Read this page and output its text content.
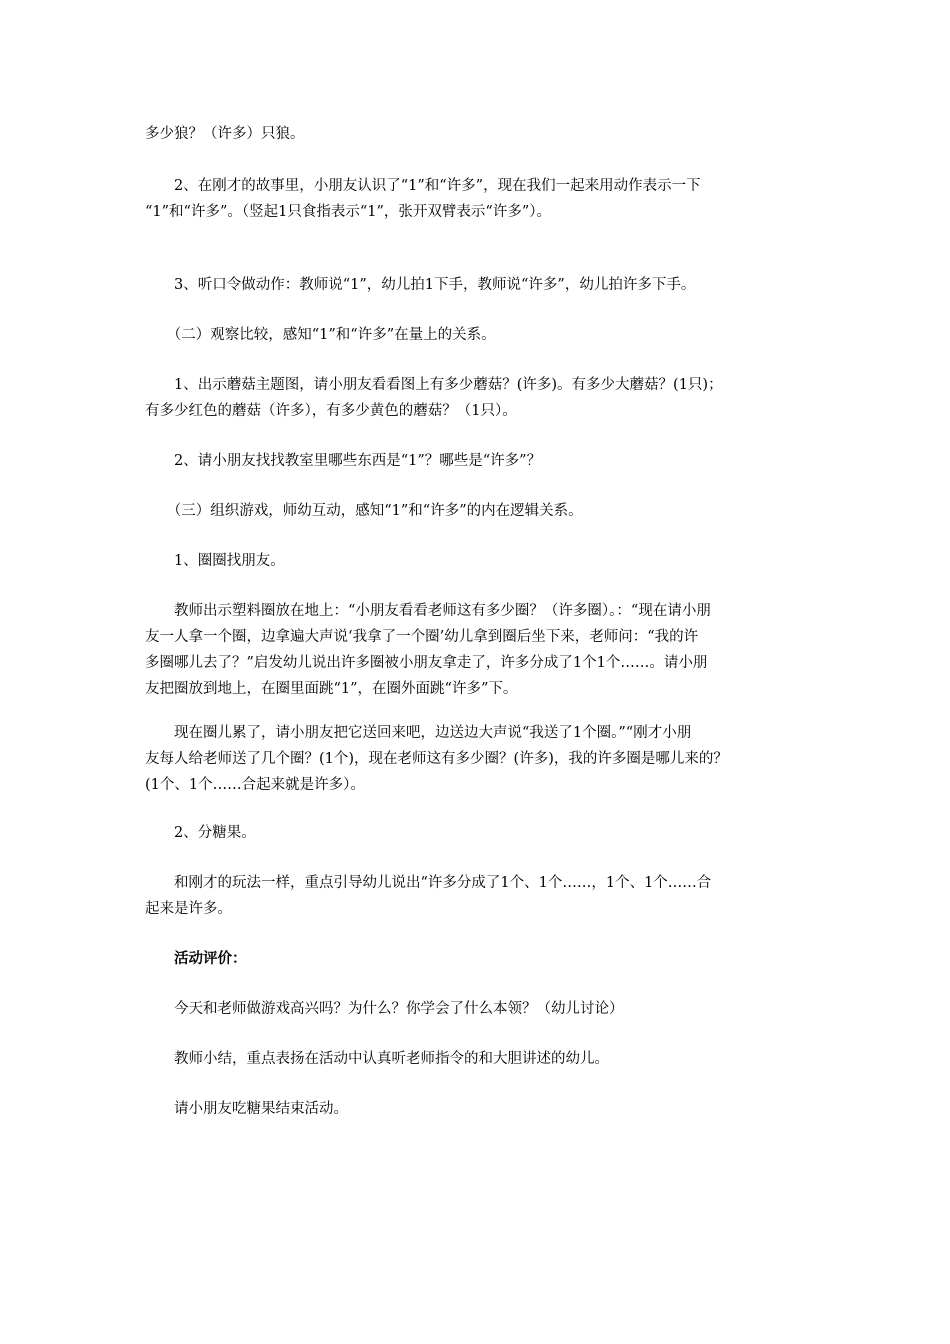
多少狼？（许多）只狼。

　　2、在刚才的故事里，小朋友认识了“1”和“许多”，现在我们一起来用动作表示一下
“1”和“许多”。（竖起1只食指表示“1”，张开双臂表示“许多”）。

　　3、听口令做动作：教师说“1”，幼儿拍1下手，教师说“许多”，幼儿拍许多下手。

　　（二）观察比较，感知“1”和“许多”在量上的关系。

　　1、出示蘑菇主题图，请小朋友看看图上有多少蘑菇？(许多)。有多少大蘑菇？(1只)；
有多少红色的蘑菇（许多），有多少黄色的蘑菇？（1只）。

　　2、请小朋友找找教室里哪些东西是“1”？哪些是“许多”？

　　（三）组织游戏，师幼互动，感知“1”和“许多”的内在逻辑关系。

　　1、圈圈找朋友。

　　教师出示塑料圈放在地上：“小朋友看看老师这有多少圈？（许多圈）。：“现在请小朋
友一人拿一个圈，边拿遍大声说‘我拿了一个圈’幼儿拿到圈后坐下来，老师问：“我的许
多圈哪儿去了？”启发幼儿说出许多圈被小朋友拿走了，许多分成了1个1个……。请小朋
友把圈放到地上，在圈里面跳“1”，在圈外面跳“许多”下。

　　现在圈儿累了，请小朋友把它送回来吧，边送边大声说“我送了1个圈。”“刚才小朋
友每人给老师送了几个圈？(1个)，现在老师这有多少圈？(许多)，我的许多圈是哪儿来的？
(1个、1个……合起来就是许多）。

　　2、分糖果。

　　和刚才的玩法一样，重点引导幼儿说出“许多分成了1个、1个……，1个、1个……合
起来是许多。

　　活动评价：

　　今天和老师做游戏高兴吗？为什么？你学会了什么本领？（幼儿讨论）

　　教师小结，重点表扬在活动中认真听老师指令的和大胆讲述的幼儿。

　　请小朋友吃糖果结束活动。
